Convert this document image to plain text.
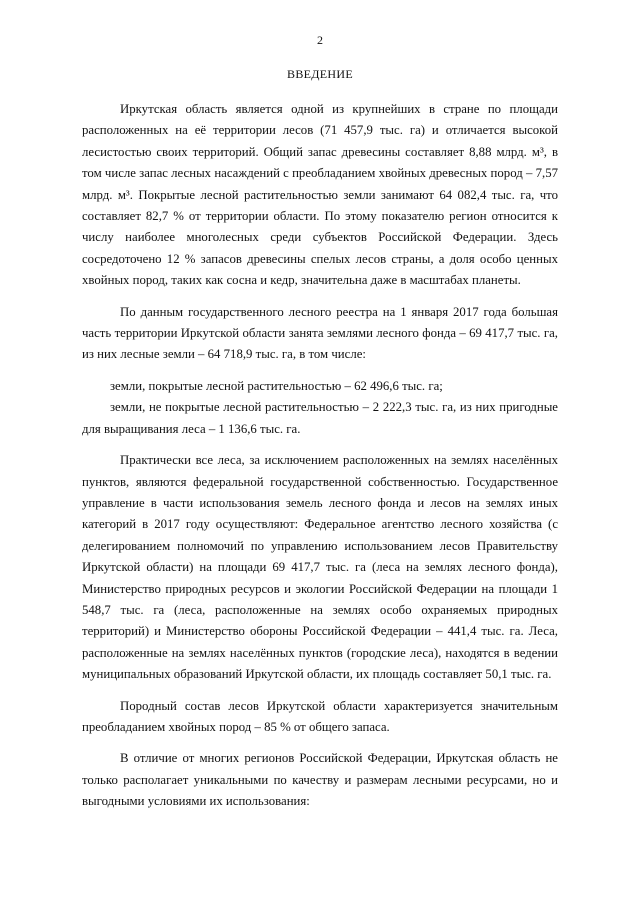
2
ВВЕДЕНИЕ

Иркутская область является одной из крупнейших в стране по площади расположенных на её территории лесов (71 457,9 тыс. га) и отличается высокой лесистостью своих территорий. Общий запас древесины составляет 8,88 млрд. м³, в том числе запас лесных насаждений с преобладанием хвойных древесных пород – 7,57 млрд. м³. Покрытые лесной растительностью земли занимают 64 082,4 тыс. га, что составляет 82,7 % от территории области. По этому показателю регион относится к числу наиболее многолесных среди субъектов Российской Федерации. Здесь сосредоточено 12 % запасов древесины спелых лесов страны, а доля особо ценных хвойных пород, таких как сосна и кедр, значительна даже в масштабах планеты.

По данным государственного лесного реестра на 1 января 2017 года большая часть территории Иркутской области занята землями лесного фонда – 69 417,7 тыс. га, из них лесные земли – 64 718,9 тыс. га, в том числе:

земли, покрытые лесной растительностью – 62 496,6 тыс. га;

земли, не покрытые лесной растительностью – 2 222,3 тыс. га, из них пригодные для выращивания леса – 1 136,6 тыс. га.

Практически все леса, за исключением расположенных на землях населённых пунктов, являются федеральной государственной собственностью. Государственное управление в части использования земель лесного фонда и лесов на землях иных категорий в 2017 году осуществляют: Федеральное агентство лесного хозяйства (с делегированием полномочий по управлению использованием лесов Правительству Иркутской области) на площади 69 417,7 тыс. га (леса на землях лесного фонда), Министерство природных ресурсов и экологии Российской Федерации на площади 1 548,7 тыс. га (леса, расположенные на землях особо охраняемых природных территорий) и Министерство обороны Российской Федерации – 441,4 тыс. га. Леса, расположенные на землях населённых пунктов (городские леса), находятся в ведении муниципальных образований Иркутской области, их площадь составляет 50,1 тыс. га.

Породный состав лесов Иркутской области характеризуется значительным преобладанием хвойных пород – 85 % от общего запаса.

В отличие от многих регионов Российской Федерации, Иркутская область не только располагает уникальными по качеству и размерам лесными ресурсами, но и выгодными условиями их использования:
